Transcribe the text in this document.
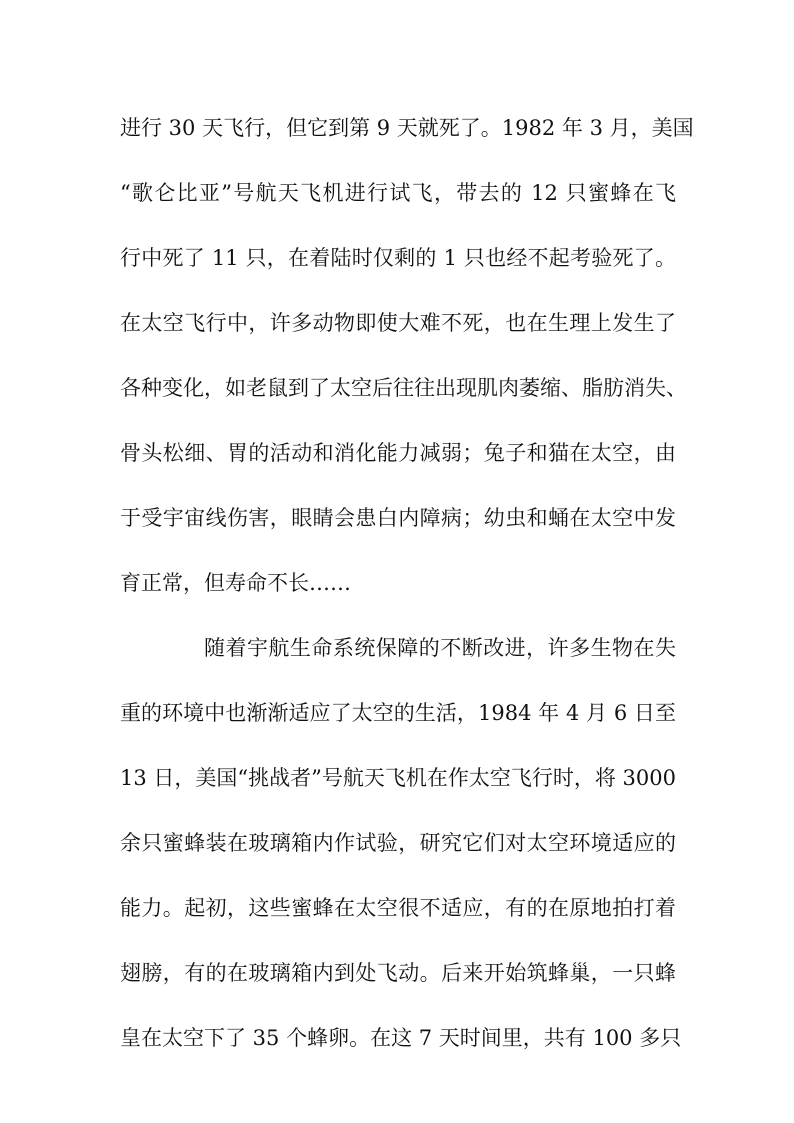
进行 30 天飞行，但它到第 9 天就死了。1982 年 3 月，美国
“歌仑比亚”号航天飞机进行试飞，带去的 12 只蜜蜂在飞
行中死了 11 只，在着陆时仅剩的 1 只也经不起考验死了。
在太空飞行中，许多动物即使大难不死，也在生理上发生了
各种变化，如老鼠到了太空后往往出现肌肉萎缩、脂肪消失、
骨头松细、胃的活动和消化能力减弱；兔子和猫在太空，由
于受宇宙线伤害，眼睛会患白内障病；幼虫和蛹在太空中发
育正常，但寿命不长……
随着宇航生命系统保障的不断改进，许多生物在失
重的环境中也渐渐适应了太空的生活，1984 年 4 月 6 日至
13 日，美国“挑战者”号航天飞机在作太空飞行时，将 3000
余只蜜蜂装在玻璃箱内作试验，研究它们对太空环境适应的
能力。起初，这些蜜蜂在太空很不适应，有的在原地拍打着
翅膀，有的在玻璃箱内到处飞动。后来开始筑蜂巢，一只蜂
皇在太空下了 35 个蜂卵。在这 7 天时间里，共有 100 多只
